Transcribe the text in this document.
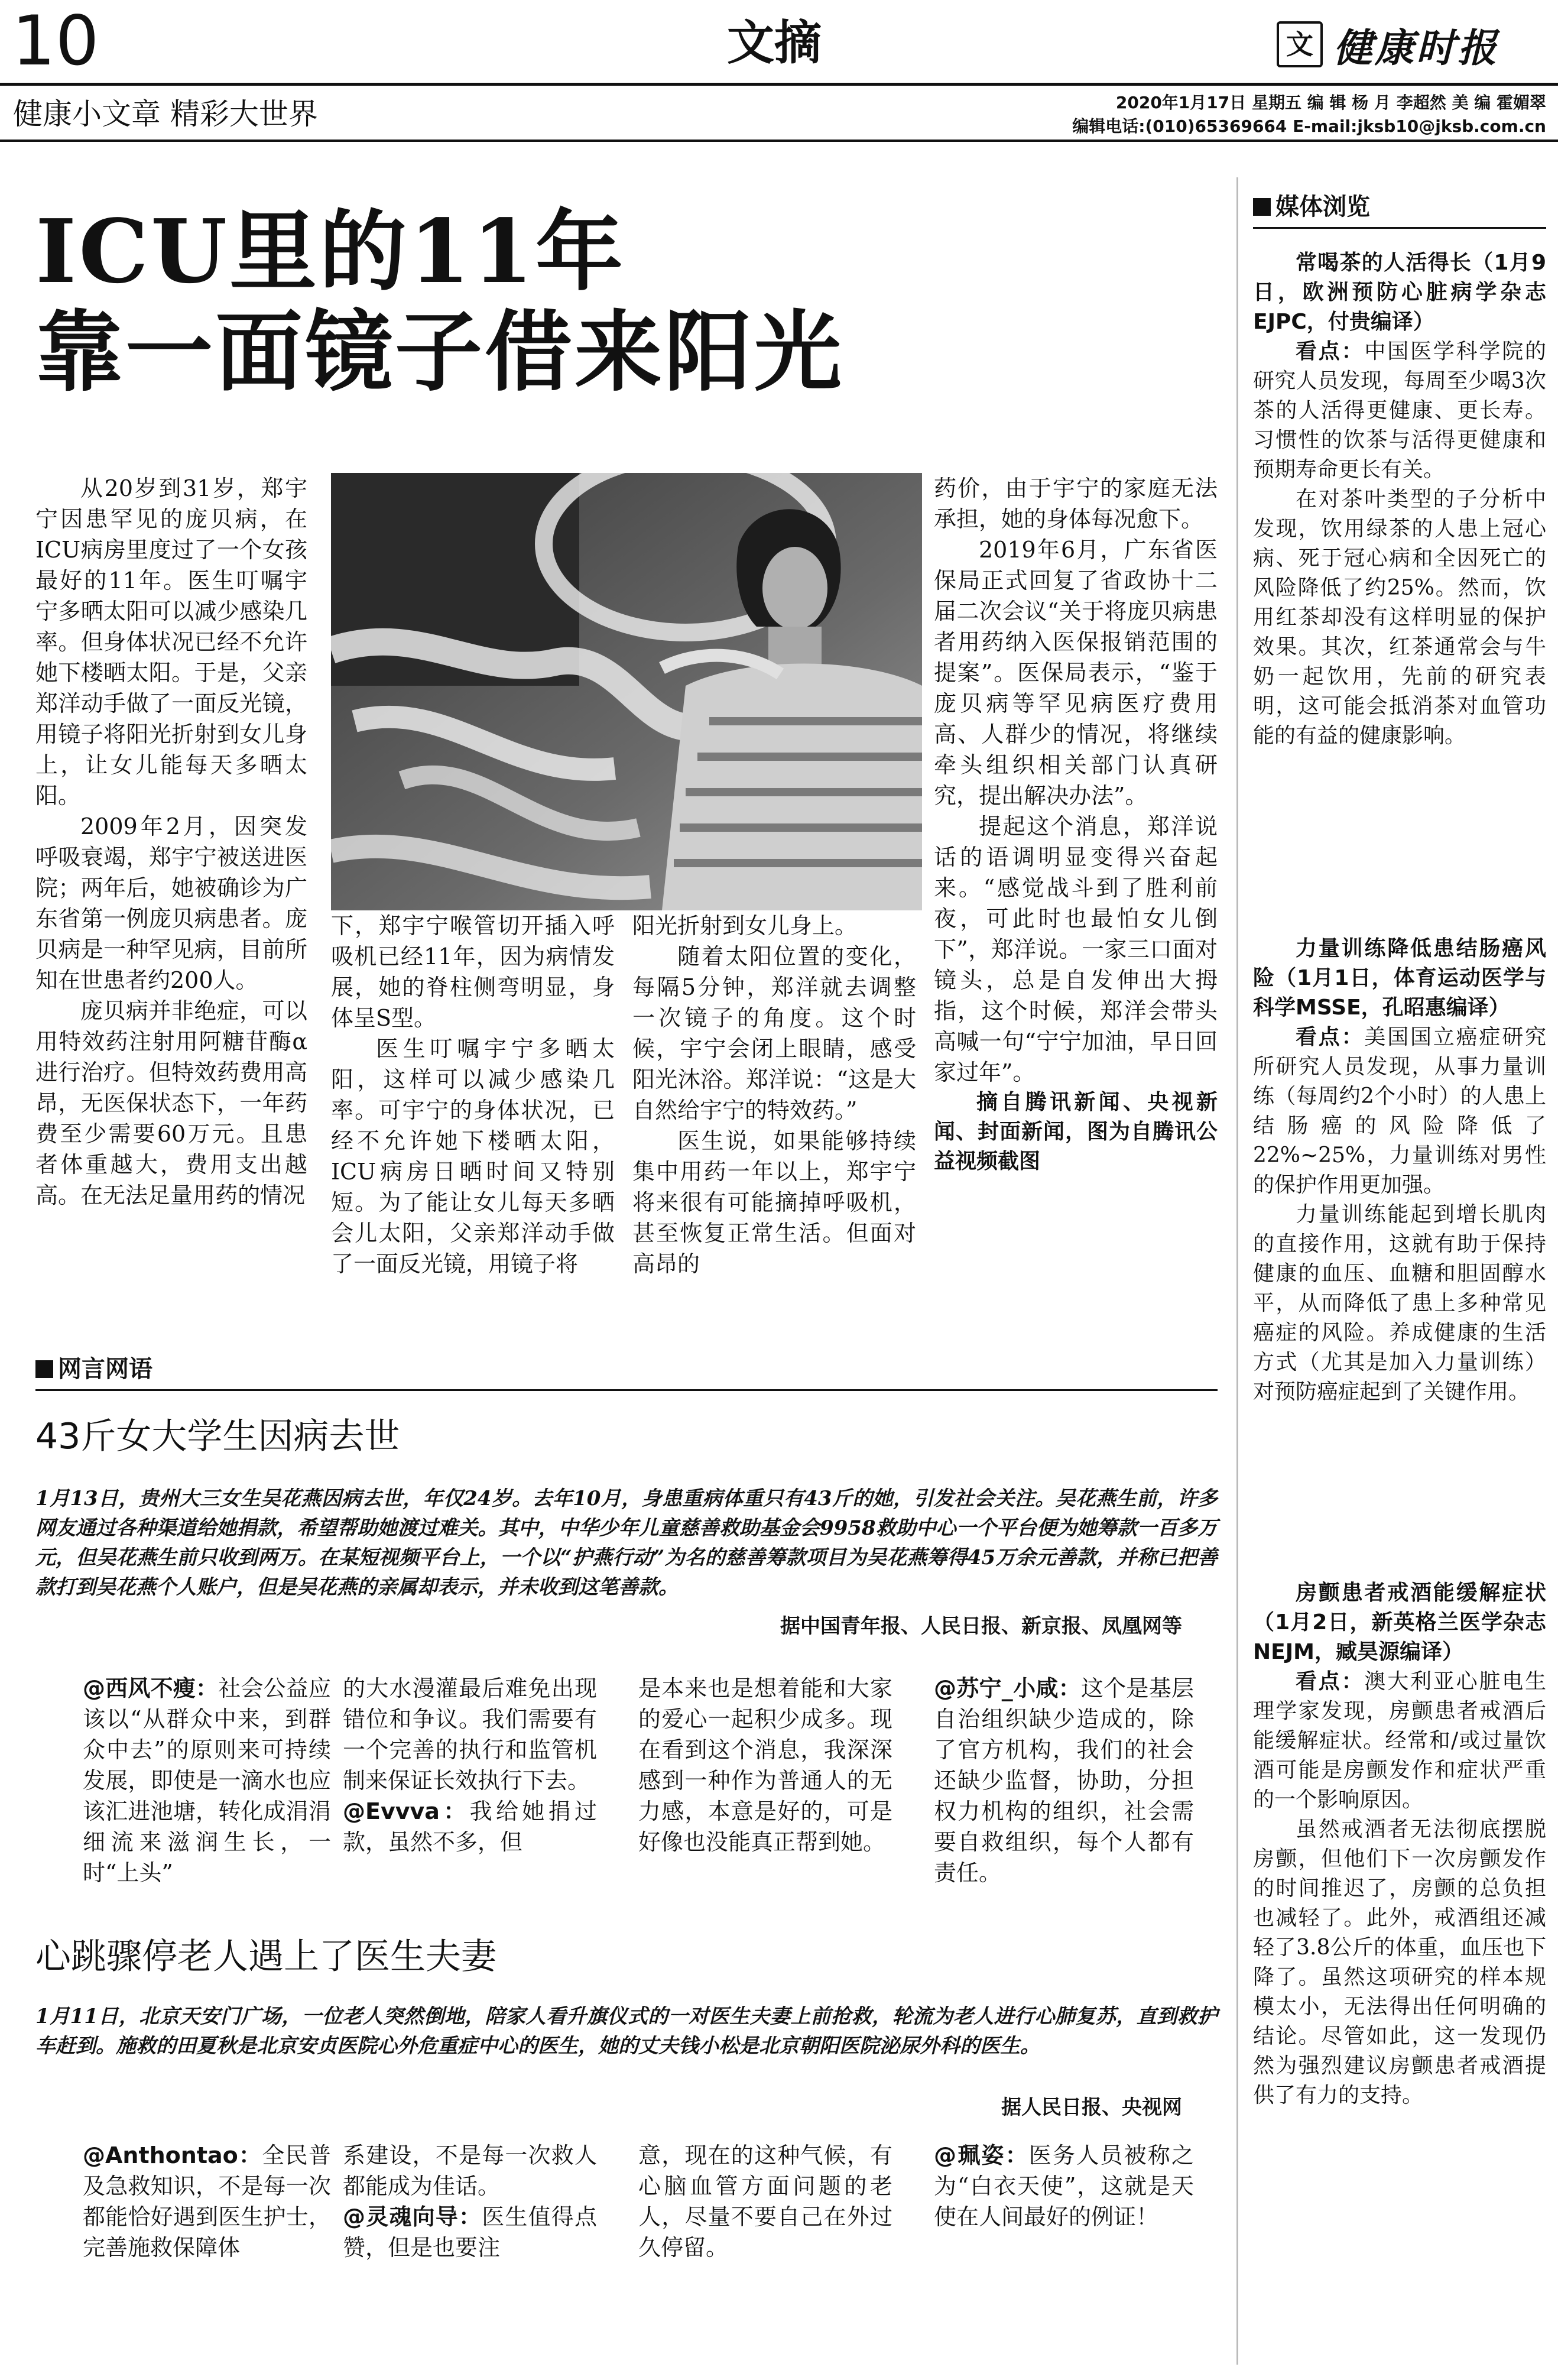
10	文摘	文 健康时报
健康小文章 精彩大世界	2020年1月17日 星期五 编 辑 杨 月 李超然 美 编 霍媚翠
编辑电话:(010)65369664 E-mail:jksb10@jksb.com.cn
ICU里的11年
靠一面镜子借来阳光

从20岁到31岁，郑宇宁因患罕见的庞贝病，在ICU病房里度过了一个女孩最好的11年。医生叮嘱宇宁多晒太阳可以减少感染几率。但身体状况已经不允许她下楼晒太阳。于是，父亲郑洋动手做了一面反光镜，用镜子将阳光折射到女儿身上，让女儿能每天多晒太阳。

2009年2月，因突发呼吸衰竭，郑宇宁被送进医院；两年后，她被确诊为广东省第一例庞贝病患者。庞贝病是一种罕见病，目前所知在世患者约200人。

庞贝病并非绝症，可以用特效药注射用阿糖苷酶α进行治疗。但特效药费用高昂，无医保状态下，一年药费至少需要60万元。且患者体重越大，费用支出越高。在无法足量用药的情况

下，郑宇宁喉管切开插入呼吸机已经11年，因为病情发展，她的脊柱侧弯明显，身体呈S型。

医生叮嘱宇宁多晒太阳，这样可以减少感染几率。可宇宁的身体状况，已经不允许她下楼晒太阳，ICU病房日晒时间又特别短。为了能让女儿每天多晒会儿太阳，父亲郑洋动手做了一面反光镜，用镜子将

阳光折射到女儿身上。

随着太阳位置的变化，每隔5分钟，郑洋就去调整一次镜子的角度。这个时候，宇宁会闭上眼睛，感受阳光沐浴。郑洋说：“这是大自然给宇宁的特效药。”

医生说，如果能够持续集中用药一年以上，郑宇宁将来很有可能摘掉呼吸机，甚至恢复正常生活。但面对高昂的

药价，由于宇宁的家庭无法承担，她的身体每况愈下。

2019年6月，广东省医保局正式回复了省政协十二届二次会议“关于将庞贝病患者用药纳入医保报销范围的提案”。医保局表示，“鉴于庞贝病等罕见病医疗费用高、人群少的情况，将继续牵头组织相关部门认真研究，提出解决办法”。

提起这个消息，郑洋说话的语调明显变得兴奋起来。“感觉战斗到了胜利前夜，可此时也最怕女儿倒下”，郑洋说。一家三口面对镜头，总是自发伸出大拇指，这个时候，郑洋会带头高喊一句“宁宁加油，早日回家过年”。

摘自腾讯新闻、央视新闻、封面新闻，图为自腾讯公益视频截图
网言网语
43斤女大学生因病去世
1月13日，贵州大三女生吴花燕因病去世，年仅24岁。去年10月，身患重病体重只有43斤的她，引发社会关注。吴花燕生前，许多网友通过各种渠道给她捐款，希望帮助她渡过难关。其中，中华少年儿童慈善救助基金会9958救助中心一个平台便为她筹款一百多万元，但吴花燕生前只收到两万。在某短视频平台上，一个以“护燕行动”为名的慈善筹款项目为吴花燕筹得45万余元善款，并称已把善款打到吴花燕个人账户，但是吴花燕的亲属却表示，并未收到这笔善款。
据中国青年报、人民日报、新京报、凤凰网等
@西风不瘦：社会公益应该以“从群众中来，到群众中去”的原则来可持续发展，即使是一滴水也应该汇进池塘，转化成涓涓细流来滋润生长，一时“上头”
的大水漫灌最后难免出现错位和争议。我们需要有一个完善的执行和监管机制来保证长效执行下去。
@Evvva：我给她捐过款，虽然不多，但
是本来也是想着能和大家的爱心一起积少成多。现在看到这个消息，我深深感到一种作为普通人的无力感，本意是好的，可是好像也没能真正帮到她。
@苏宁_小咸：这个是基层自治组织缺少造成的，除了官方机构，我们的社会还缺少监督，协助，分担权力机构的组织，社会需要自救组织，每个人都有责任。
心跳骤停老人遇上了医生夫妻
1月11日，北京天安门广场，一位老人突然倒地，陪家人看升旗仪式的一对医生夫妻上前抢救，轮流为老人进行心肺复苏，直到救护车赶到。施救的田夏秋是北京安贞医院心外危重症中心的医生，她的丈夫钱小松是北京朝阳医院泌尿外科的医生。
据人民日报、央视网
@Anthontao：全民普及急救知识，不是每一次都能恰好遇到医生护士，完善施救保障体
系建设，不是每一次救人都能成为佳话。
@灵魂向导：医生值得点赞，但是也要注
意，现在的这种气候，有心脑血管方面问题的老人，尽量不要自己在外过久停留。
@珮姿：医务人员被称之为“白衣天使”，这就是天使在人间最好的例证！
媒体浏览
常喝茶的人活得长（1月9日，欧洲预防心脏病学杂志EJPC，付贵编译）

看点：中国医学科学院的研究人员发现，每周至少喝3次茶的人活得更健康、更长寿。习惯性的饮茶与活得更健康和预期寿命更长有关。

在对茶叶类型的子分析中发现，饮用绿茶的人患上冠心病、死于冠心病和全因死亡的风险降低了约25%。然而，饮用红茶却没有这样明显的保护效果。其次，红茶通常会与牛奶一起饮用，先前的研究表明，这可能会抵消茶对血管功能的有益的健康影响。

力量训练降低患结肠癌风险（1月1日，体育运动医学与科学MSSE，孔昭惠编译）

看点：美国国立癌症研究所研究人员发现，从事力量训练（每周约2个小时）的人患上结肠癌的风险降低了22%~25%，力量训练对男性的保护作用更加强。

力量训练能起到增长肌肉的直接作用，这就有助于保持健康的血压、血糖和胆固醇水平，从而降低了患上多种常见癌症的风险。养成健康的生活方式（尤其是加入力量训练）对预防癌症起到了关键作用。

房颤患者戒酒能缓解症状（1月2日，新英格兰医学杂志NEJM，臧昊源编译）

看点：澳大利亚心脏电生理学家发现，房颤患者戒酒后能缓解症状。经常和/或过量饮酒可能是房颤发作和症状严重的一个影响原因。

虽然戒酒者无法彻底摆脱房颤，但他们下一次房颤发作的时间推迟了，房颤的总负担也减轻了。此外，戒酒组还减轻了3.8公斤的体重，血压也下降了。虽然这项研究的样本规模太小，无法得出任何明确的结论。尽管如此，这一发现仍然为强烈建议房颤患者戒酒提供了有力的支持。
